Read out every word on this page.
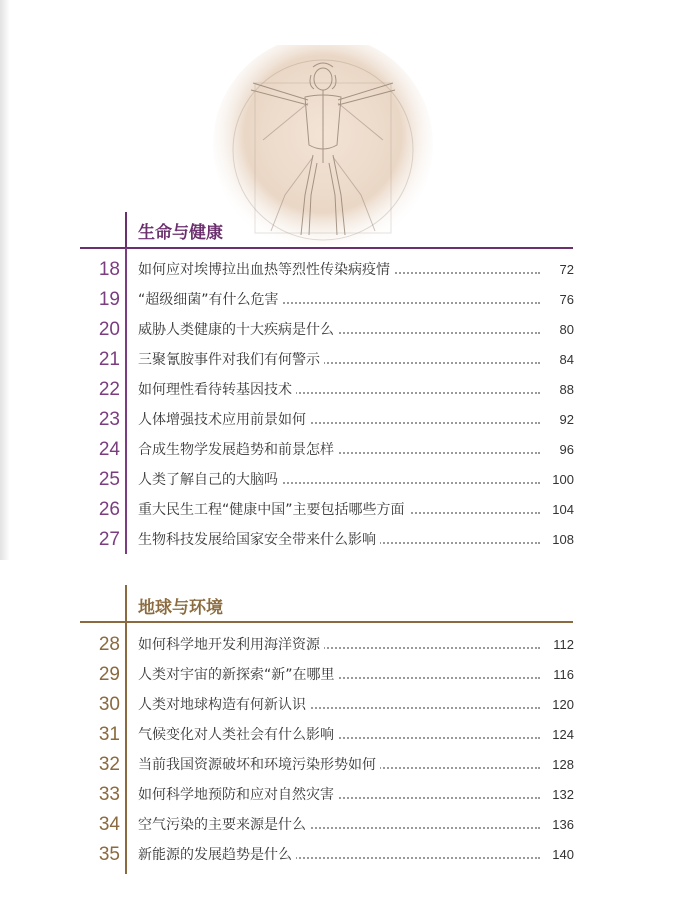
生命与健康
18 如何应对埃博拉出血热等烈性传染病疫情	72
19 “超级细菌”有什么危害	76
20 威胁人类健康的十大疾病是什么	80
21 三聚氰胺事件对我们有何警示	84
22 如何理性看待转基因技术	88
23 人体增强技术应用前景如何	92
24 合成生物学发展趋势和前景怎样	96
25 人类了解自己的大脑吗	100
26 重大民生工程“健康中国”主要包括哪些方面	104
27 生物科技发展给国家安全带来什么影响	108
地球与环境
28 如何科学地开发利用海洋资源	112
29 人类对宇宙的新探索“新”在哪里	116
30 人类对地球构造有何新认识	120
31 气候变化对人类社会有什么影响	124
32 当前我国资源破坏和环境污染形势如何	128
33 如何科学地预防和应对自然灾害	132
34 空气污染的主要来源是什么	136
35 新能源的发展趋势是什么	140
